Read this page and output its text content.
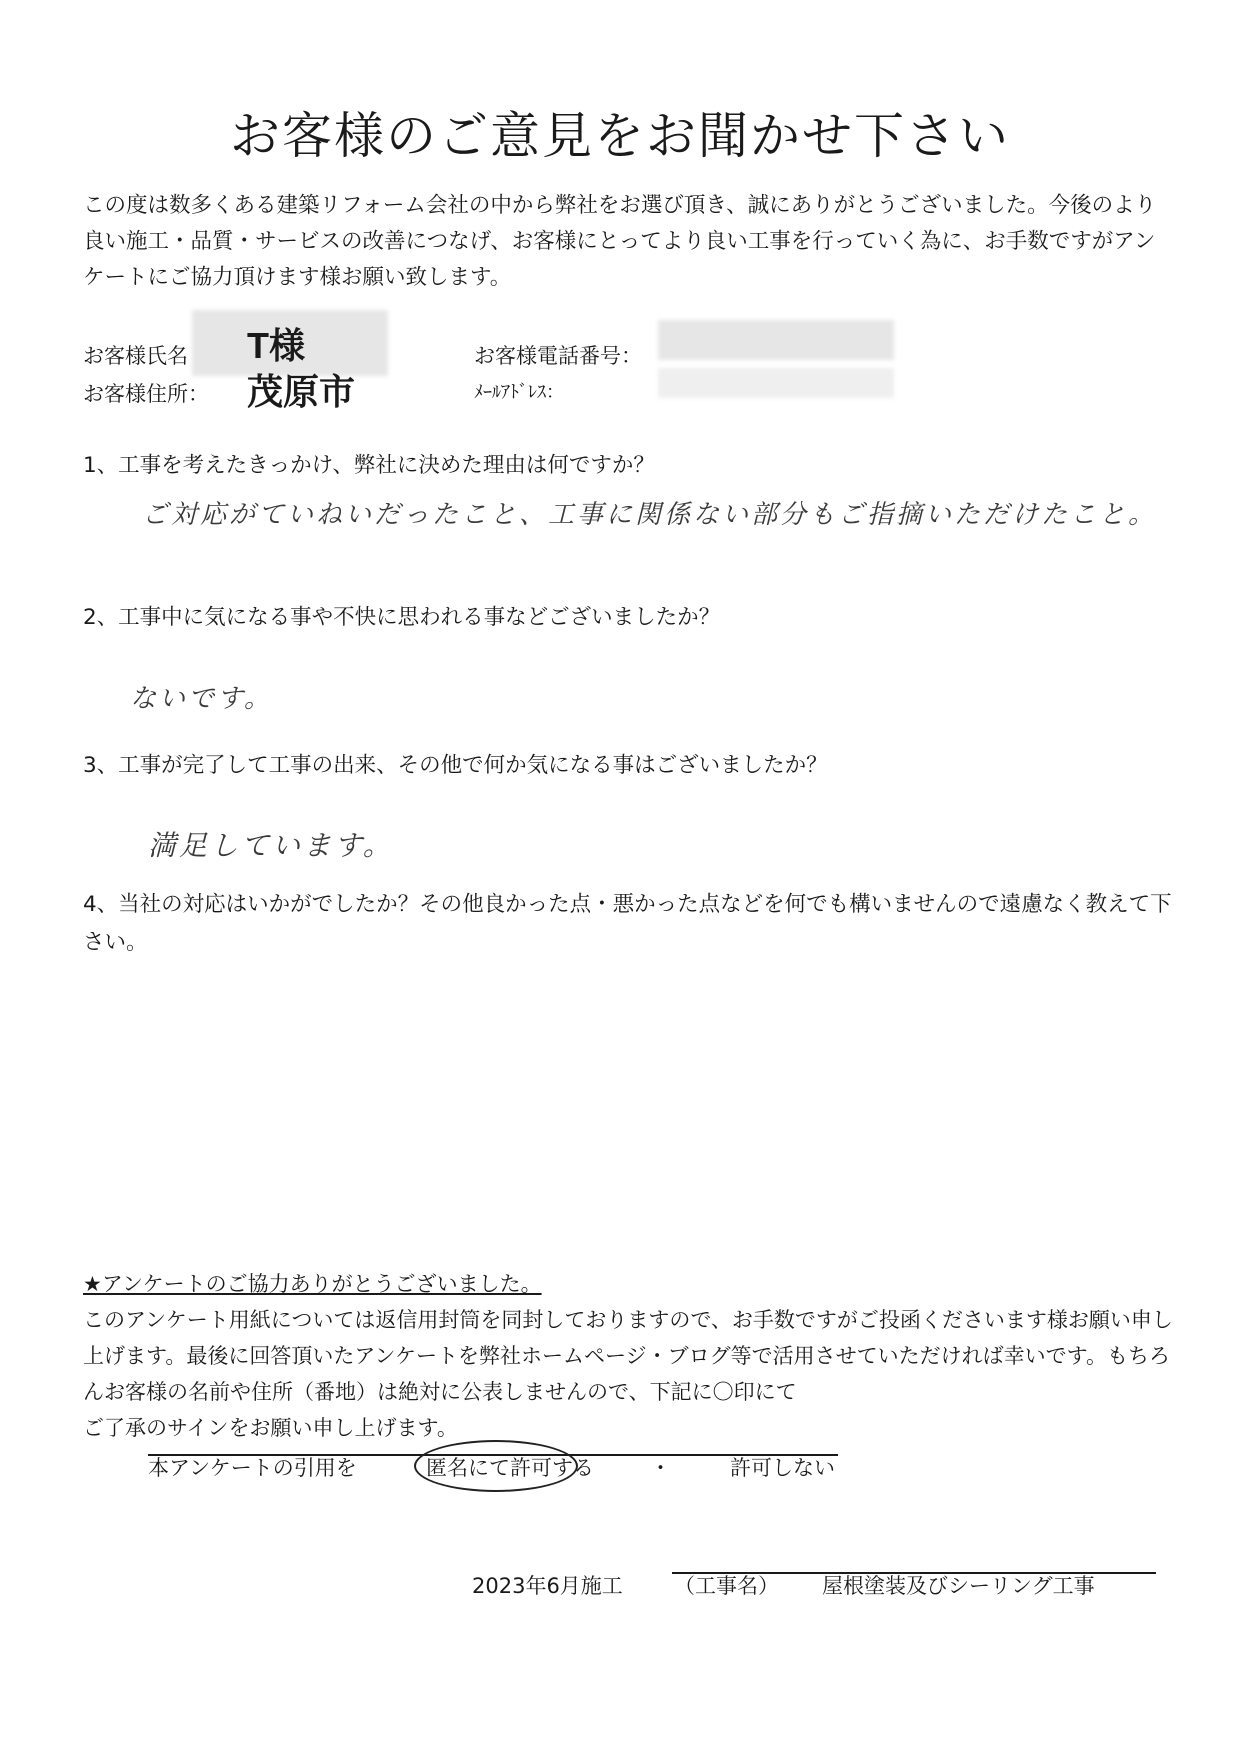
お客様のご意見をお聞かせ下さい
この度は数多くある建築リフォーム会社の中から弊社をお選び頂き、誠にありがとうございました。今後のより良い施工・品質・サービスの改善につなげ、お客様にとってより良い工事を行っていく為に、お手数ですがアンケートにご協力頂けます様お願い致します。
お客様氏名 T様
お客様住所： 茂原市
お客様電話番号：
ﾒｰﾙｱﾄﾞﾚｽ：
1、工事を考えたきっかけ、弊社に決めた理由は何ですか？
ご対応がていねいだったこと、工事に関係ない部分もご指摘いただけたこと。
2、工事中に気になる事や不快に思われる事などございましたか？
ないです。
3、工事が完了して工事の出来、その他で何か気になる事はございましたか？
満足しています。
4、当社の対応はいかがでしたか？その他良かった点・悪かった点などを何でも構いませんので遠慮なく教えて下さい。
★アンケートのご協力ありがとうございました。
このアンケート用紙については返信用封筒を同封しておりますので、お手数ですがご投函くださいます様お願い申し上げます。最後に回答頂いたアンケートを弊社ホームページ・ブログ等で活用させていただければ幸いです。もちろんお客様の名前や住所（番地）は絶対に公表しませんので、下記に〇印にて
ご了承のサインをお願い申し上げます。
本アンケートの引用を	匿名にて許可する	・	許可しない
2023年6月施工 （工事名） 屋根塗装及びシーリング工事
